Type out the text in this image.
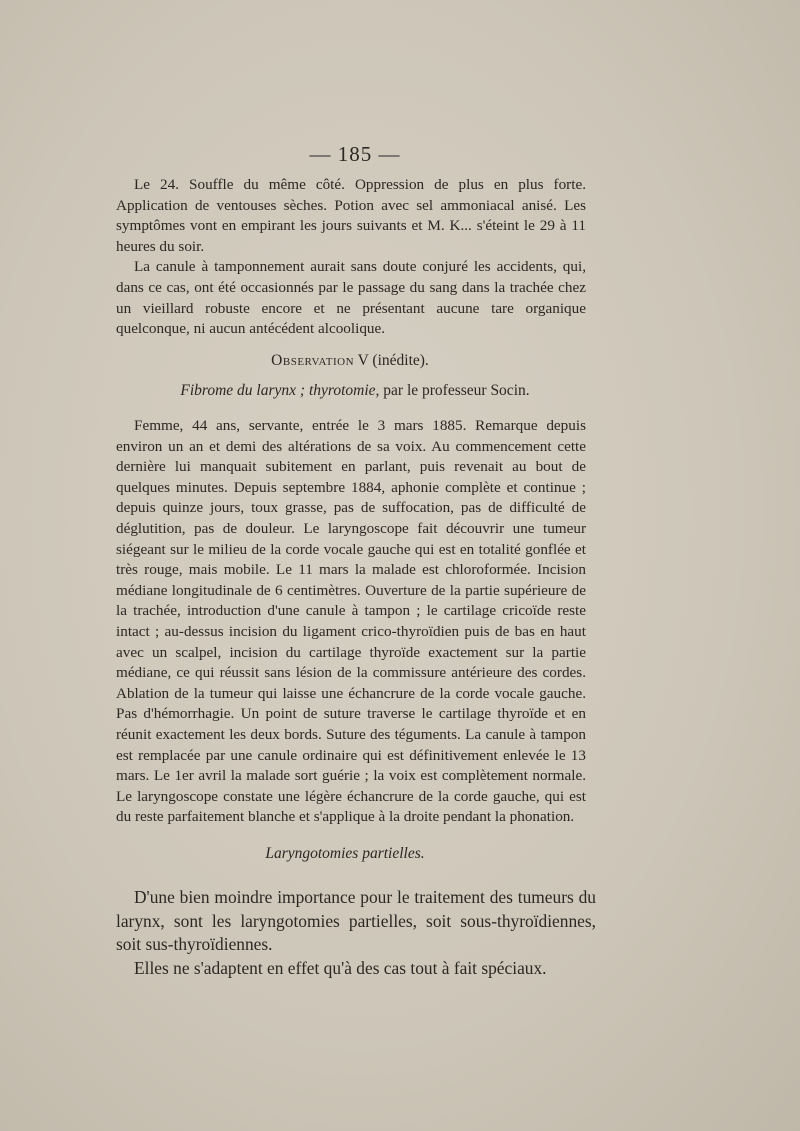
— 185 —

Le 24. Souffle du même côté. Oppression de plus en plus forte. Application de ventouses sèches. Potion avec sel ammoniacal anisé. Les symptômes vont en empirant les jours suivants et M. K... s'éteint le 29 à 11 heures du soir.

La canule à tamponnement aurait sans doute conjuré les accidents, qui, dans ce cas, ont été occasionnés par le passage du sang dans la trachée chez un vieillard robuste encore et ne présentant aucune tare organique quelconque, ni aucun antécédent alcoolique.

Observation V (inédite).
Fibrome du larynx ; thyrotomie, par le professeur Socin.

Femme, 44 ans, servante, entrée le 3 mars 1885. Remarque depuis environ un an et demi des altérations de sa voix. Au commencement cette dernière lui manquait subitement en parlant, puis revenait au bout de quelques minutes. Depuis septembre 1884, aphonie complète et continue ; depuis quinze jours, toux grasse, pas de suffocation, pas de difficulté de déglutition, pas de douleur. Le laryngoscope fait découvrir une tumeur siégeant sur le milieu de la corde vocale gauche qui est en totalité gonflée et très rouge, mais mobile. Le 11 mars la malade est chloroformée. Incision médiane longitudinale de 6 centimètres. Ouverture de la partie supérieure de la trachée, introduction d'une canule à tampon ; le cartilage cricoïde reste intact ; au-dessus incision du ligament crico-thyroïdien puis de bas en haut avec un scalpel, incision du cartilage thyroïde exactement sur la partie médiane, ce qui réussit sans lésion de la commissure antérieure des cordes. Ablation de la tumeur qui laisse une échancrure de la corde vocale gauche. Pas d'hémorrhagie. Un point de suture traverse le cartilage thyroïde et en réunit exactement les deux bords. Suture des téguments. La canule à tampon est remplacée par une canule ordinaire qui est définitivement enlevée le 13 mars. Le 1er avril la malade sort guérie ; la voix est complètement normale. Le laryngoscope constate une légère échancrure de la corde gauche, qui est du reste parfaitement blanche et s'applique à la droite pendant la phonation.

Laryngotomies partielles.

D'une bien moindre importance pour le traitement des tumeurs du larynx, sont les laryngotomies partielles, soit sous-thyroïdiennes, soit sus-thyroïdiennes.

Elles ne s'adaptent en effet qu'à des cas tout à fait spéciaux.
